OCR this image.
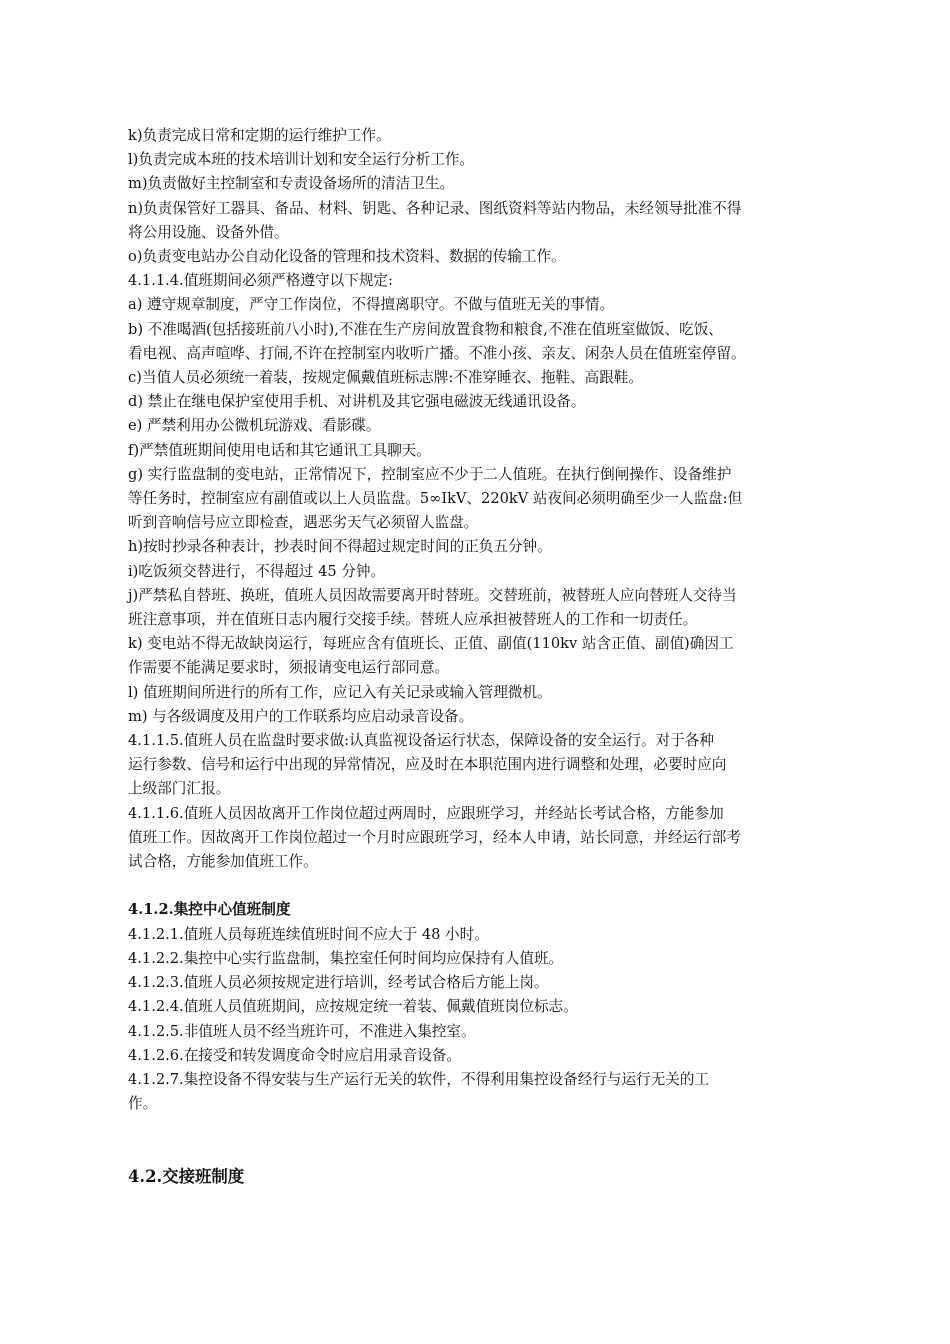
k)负责完成日常和定期的运行维护工作。
l)负责完成本班的技术培训计划和安全运行分析工作。
m)负责做好主控制室和专责设备场所的清洁卫生。
n)负责保管好工器具、备品、材料、钥匙、各种记录、图纸资料等站内物品，未经领导批准不得
将公用设施、设备外借。
o)负责变电站办公自动化设备的管理和技术资料、数据的传输工作。
4.1.1.4.值班期间必须严格遵守以下规定:
a) 遵守规章制度，严守工作岗位，不得擅离职守。不做与值班无关的事情。
b) 不准喝酒(包括接班前八小时),不准在生产房间放置食物和粮食,不准在值班室做饭、吃饭、
看电视、高声喧哗、打闹,不许在控制室内收听广播。不准小孩、亲友、闲杂人员在值班室停留。
c)当值人员必须统一着装，按规定佩戴值班标志牌:不准穿睡衣、拖鞋、高跟鞋。
d) 禁止在继电保护室使用手机、对讲机及其它强电磁波无线通讯设备。
e) 严禁利用办公微机玩游戏、看影碟。
f)严禁值班期间使用电话和其它通讯工具聊天。
g) 实行监盘制的变电站，正常情况下，控制室应不少于二人值班。在执行倒闸操作、设备维护
等任务时，控制室应有副值或以上人员监盘。5∞IkV、220kV 站夜间必须明确至少一人监盘:但
听到音响信号应立即检查，遇恶劣天气必须留人监盘。
h)按时抄录各种表计，抄表时间不得超过规定时间的正负五分钟。
i)吃饭须交替进行，不得超过 45 分钟。
j)严禁私自替班、换班，值班人员因故需要离开时替班。交替班前，被替班人应向替班人交待当
班注意事项，并在值班日志内履行交接手续。替班人应承担被替班人的工作和一切责任。
k) 变电站不得无故缺岗运行，每班应含有值班长、正值、副值(110kv 站含正值、副值)确因工
作需要不能满足要求时，须报请变电运行部同意。
l) 值班期间所进行的所有工作，应记入有关记录或输入管理微机。
m) 与各级调度及用户的工作联系均应启动录音设备。
4.1.1.5.值班人员在监盘时要求做:认真监视设备运行状态，保障设备的安全运行。对于各种
运行参数、信号和运行中出现的异常情况，应及时在本职范围内进行调整和处理，必要时应向
上级部门汇报。
4.1.1.6.值班人员因故离开工作岗位超过两周时，应跟班学习，并经站长考试合格，方能参加
值班工作。因故离开工作岗位超过一个月时应跟班学习，经本人申请，站长同意，并经运行部考
试合格，方能参加值班工作。
4.1.2.集控中心值班制度
4.1.2.1.值班人员每班连续值班时间不应大于 48 小时。
4.1.2.2.集控中心实行监盘制，集控室任何时间均应保持有人值班。
4.1.2.3.值班人员必须按规定进行培训，经考试合格后方能上岗。
4.1.2.4.值班人员值班期间，应按规定统一着装、佩戴值班岗位标志。
4.1.2.5.非值班人员不经当班许可，不准进入集控室。
4.1.2.6.在接受和转发调度命令时应启用录音设备。
4.1.2.7.集控设备不得安装与生产运行无关的软件，不得利用集控设备经行与运行无关的工
作。
4.2.交接班制度
